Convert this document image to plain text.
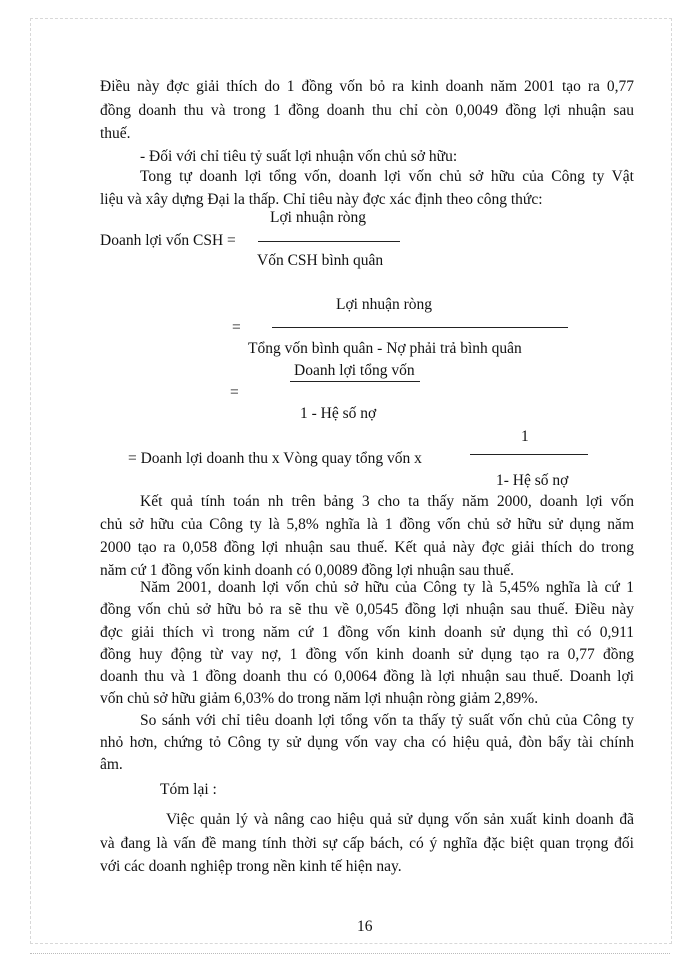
Điều này đợc giải thích do 1 đồng vốn bỏ ra kinh doanh năm 2001 tạo ra 0,77
đồng doanh thu và trong 1 đồng doanh thu chỉ còn 0,0049 đồng lợi nhuận sau
thuế.
- Đối với chỉ tiêu tỷ suất lợi nhuận vốn chủ sở hữu:
Tong tự doanh lợi tổng vốn, doanh lợi vốn chủ sở hữu của Công ty Vật
liệu và xây dựng Đại la thấp. Chỉ tiêu này đợc xác định theo công thức:
Lợi nhuận ròng
Doanh lợi vốn CSH =
Vốn CSH bình quân
Lợi nhuận ròng
=
Tổng vốn bình quân - Nợ phải trả bình quân
Doanh lợi tổng vốn
=
1 - Hệ số nợ
1
= Doanh lợi doanh thu x Vòng quay tổng vốn x
1- Hệ số nợ
Kết quả tính toán nh trên bảng 3 cho ta thấy năm 2000, doanh lợi vốn
chủ sở hữu của Công ty là 5,8% nghĩa là 1 đồng vốn chủ sở hữu sử dụng năm
2000 tạo ra 0,058 đồng lợi nhuận sau thuế. Kết quả này đợc giải thích do trong
năm cứ 1 đồng vốn kinh doanh có 0,0089 đồng lợi nhuận sau thuế.
Năm 2001, doanh lợi vốn chủ sở hữu của Công ty là 5,45% nghĩa là cứ 1
đồng vốn chủ sở hữu bỏ ra sẽ thu về 0,0545 đồng lợi nhuận sau thuế. Điều này
đợc giải thích vì trong năm cứ 1 đồng vốn kinh doanh sử dụng thì có 0,911
đồng huy động từ vay nợ, 1 đồng vốn kinh doanh sử dụng tạo ra 0,77 đồng
doanh thu và 1 đồng doanh thu có 0,0064 đồng là lợi nhuận sau thuế. Doanh lợi
vốn chủ sở hữu giảm 6,03% do trong năm lợi nhuận ròng giảm 2,89%.
So sánh với chỉ tiêu doanh lợi tổng vốn ta thấy tỷ suất vốn chủ của Công ty
nhỏ hơn, chứng tỏ Công ty sử dụng vốn vay cha có hiệu quả, đòn bẩy tài chính
âm.
Tóm lại :
Việc quản lý và nâng cao hiệu quả sử dụng vốn sản xuất kinh doanh đã
và đang là vấn đề mang tính thời sự cấp bách, có ý nghĩa đặc biệt quan trọng đối
với các doanh nghiệp trong nền kinh tế hiện nay.
16
